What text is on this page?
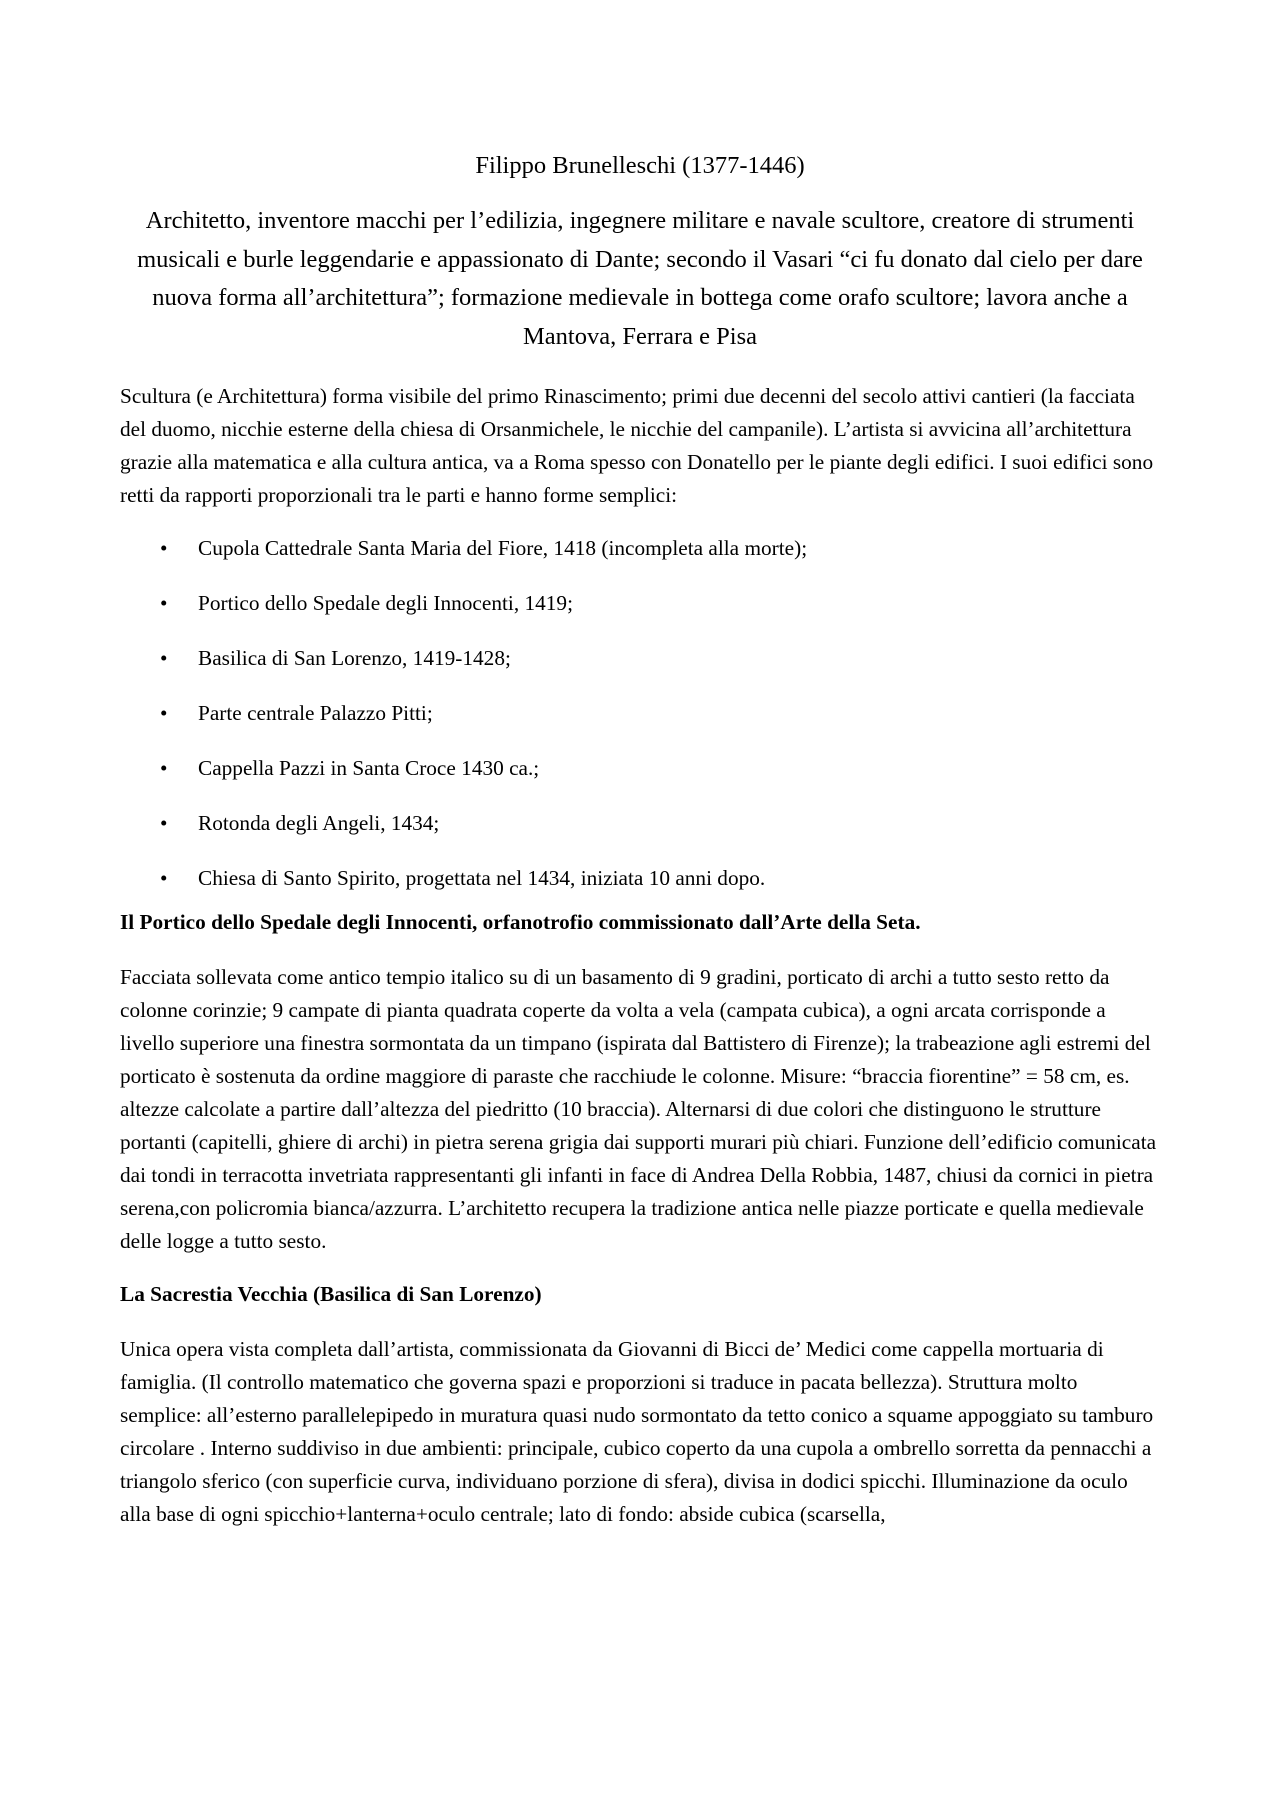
Filippo Brunelleschi (1377-1446)

Architetto, inventore macchi per l’edilizia, ingegnere militare e navale scultore, creatore di strumenti musicali e burle leggendarie e appassionato di Dante; secondo il Vasari “ci fu donato dal cielo per dare nuova forma all’architettura”; formazione medievale in bottega come orafo scultore; lavora anche a Mantova, Ferrara e Pisa

Scultura (e Architettura) forma visibile del primo Rinascimento; primi due decenni del secolo attivi cantieri (la facciata del duomo, nicchie esterne della chiesa di Orsanmichele, le nicchie del campanile). L’artista si avvicina all’architettura grazie alla matematica e alla cultura antica, va a Roma spesso con Donatello per le piante degli edifici. I suoi edifici sono retti da rapporti proporzionali tra le parti e hanno forme semplici:

• Cupola Cattedrale Santa Maria del Fiore, 1418 (incompleta alla morte);
• Portico dello Spedale degli Innocenti, 1419;
• Basilica di San Lorenzo, 1419-1428;
• Parte centrale Palazzo Pitti;
• Cappella Pazzi in Santa Croce 1430 ca.;
• Rotonda degli Angeli, 1434;
• Chiesa di Santo Spirito, progettata nel 1434, iniziata 10 anni dopo.
Il Portico dello Spedale degli Innocenti, orfanotrofio commissionato dall’Arte della Seta.

Facciata sollevata come antico tempio italico su di un basamento di 9 gradini, porticato di archi a tutto sesto retto da colonne corinzie; 9 campate di pianta quadrata coperte da volta a vela (campata cubica), a ogni arcata corrisponde a livello superiore una finestra sormontata da un timpano (ispirata dal Battistero di Firenze); la trabeazione agli estremi del porticato è sostenuta da ordine maggiore di paraste che racchiude le colonne. Misure: “braccia fiorentine” = 58 cm, es. altezze calcolate a partire dall’altezza del piedritto (10 braccia). Alternarsi di due colori che distinguono le strutture portanti (capitelli, ghiere di archi) in pietra serena grigia dai supporti murari più chiari. Funzione dell’edificio comunicata dai tondi in terracotta invetriata rappresentanti gli infanti in face di Andrea Della Robbia, 1487, chiusi da cornici in pietra serena,con policromia bianca/azzurra. L’architetto recupera la tradizione antica nelle piazze porticate e quella medievale delle logge a tutto sesto.

La Sacrestia Vecchia (Basilica di San Lorenzo)

Unica opera vista completa dall’artista, commissionata da Giovanni di Bicci de’ Medici come cappella mortuaria di famiglia. (Il controllo matematico che governa spazi e proporzioni si traduce in pacata bellezza). Struttura molto semplice: all’esterno parallelepipedo in muratura quasi nudo sormontato da tetto conico a squame appoggiato su tamburo circolare . Interno suddiviso in due ambienti: principale, cubico coperto da una cupola a ombrello sorretta da pennacchi a triangolo sferico (con superficie curva, individuano porzione di sfera), divisa in dodici spicchi. Illuminazione da oculo alla base di ogni spicchio+lanterna+oculo centrale; lato di fondo: abside cubica (scarsella,
